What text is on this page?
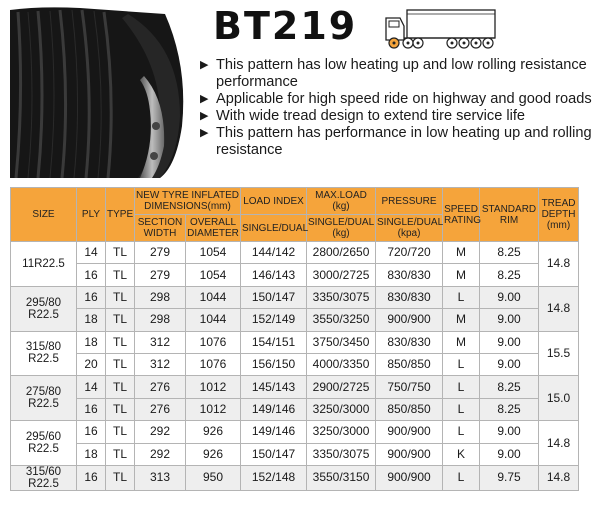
BT219
▶ This pattern has low heating up and low rolling resistance performance
▶ Applicable for high speed ride on highway and good roads
▶ With wide tread design to extend tire service life
▶ This pattern has performance in low heating up and rolling resistance
SIZE	PLY	TYPE	NEW TYRE INFLATED DIMENSIONS(mm)		LOAD INDEX	MAX.LOAD (kg)	PRESSURE	SPEED RATING	STANDARD RIM	TREAD DEPTH (mm)
			SECTION WIDTH	OVERALL DIAMETER	SINGLE/DUAL	SINGLE/DUAL (kg)	SINGLE/DUAL (kpa)			
11R22.5	14	TL	279	1054	144/142	2800/2650	720/720	M	8.25	14.8
	16	TL	279	1054	146/143	3000/2725	830/830	M	8.25	
295/80 R22.5	16	TL	298	1044	150/147	3350/3075	830/830	L	9.00	14.8
	18	TL	298	1044	152/149	3550/3250	900/900	M	9.00	
315/80 R22.5	18	TL	312	1076	154/151	3750/3450	830/830	M	9.00	15.5
	20	TL	312	1076	156/150	4000/3350	850/850	L	9.00	
275/80 R22.5	14	TL	276	1012	145/143	2900/2725	750/750	L	8.25	15.0
	16	TL	276	1012	149/146	3250/3000	850/850	L	8.25	
295/60 R22.5	16	TL	292	926	149/146	3250/3000	900/900	L	9.00	14.8
	18	TL	292	926	150/147	3350/3075	900/900	K	9.00	
315/60 R22.5	16	TL	313	950	152/148	3550/3150	900/900	L	9.75	14.8
